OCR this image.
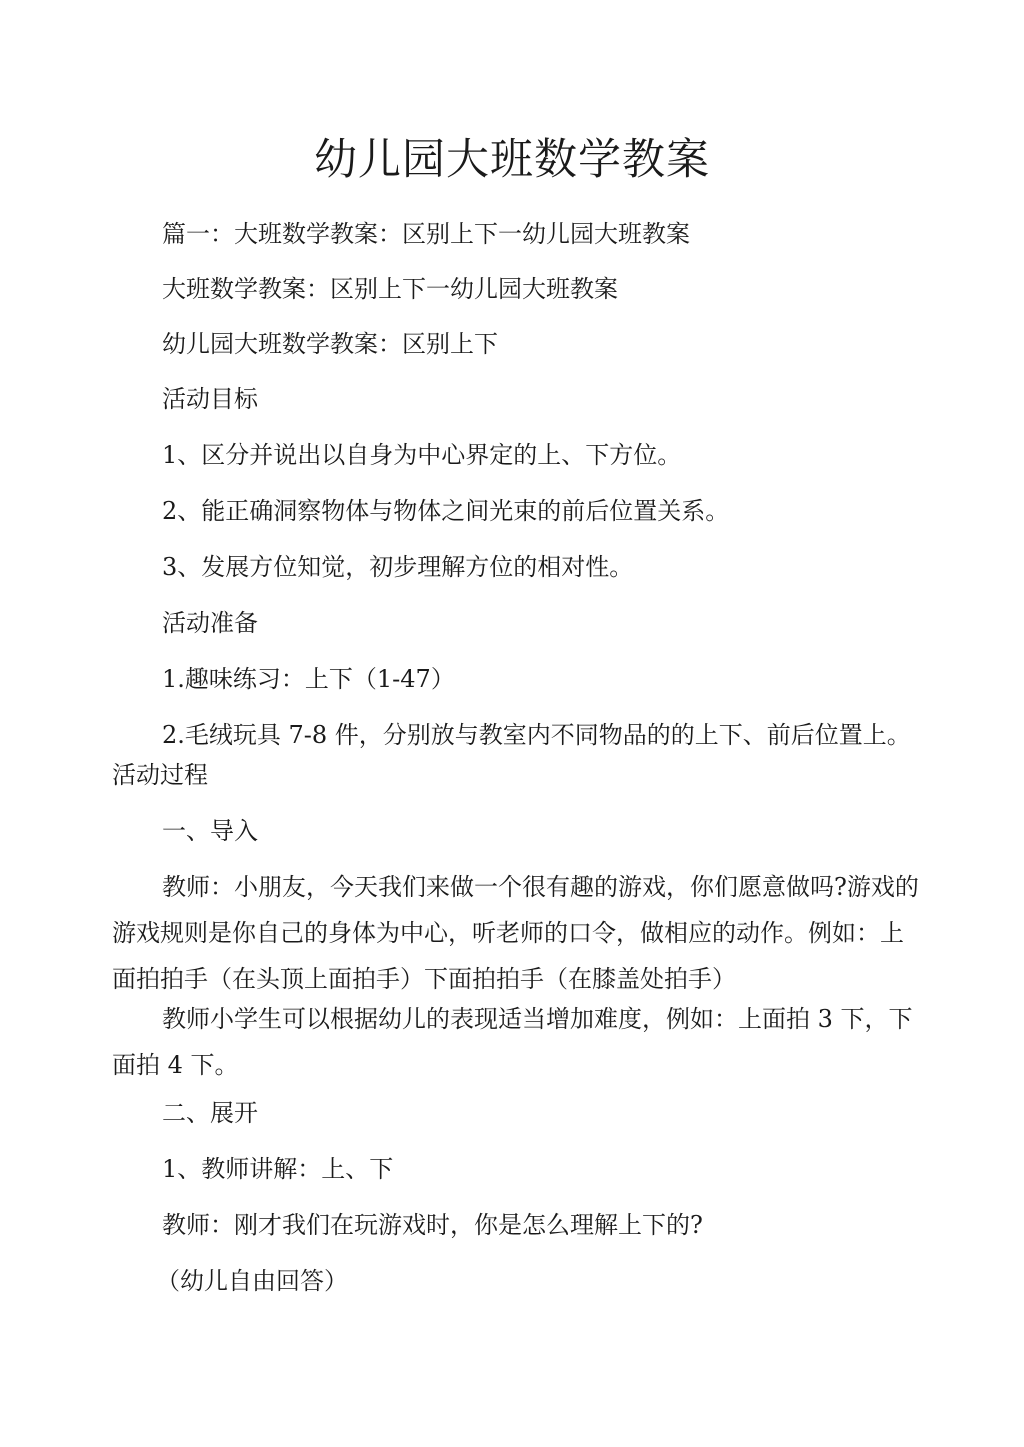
幼儿园大班数学教案

篇一：大班数学教案：区别上下一幼儿园大班教案

大班数学教案：区别上下一幼儿园大班教案

幼儿园大班数学教案：区别上下

活动目标

1、区分并说出以自身为中心界定的上、下方位。

2、能正确洞察物体与物体之间光束的前后位置关系。

3、发展方位知觉，初步理解方位的相对性。

活动准备

1.趣味练习：上下（1-47）

2.毛绒玩具 7-8 件，分别放与教室内不同物品的的上下、前后位置上。

活动过程

一、导入

教师：小朋友，今天我们来做一个很有趣的游戏，你们愿意做吗?游戏的游戏规则是你自己的身体为中心，听老师的口令，做相应的动作。例如：上面拍拍手（在头顶上面拍手）下面拍拍手（在膝盖处拍手）

教师小学生可以根据幼儿的表现适当增加难度，例如：上面拍 3 下，下面拍 4 下。

二、展开

1、教师讲解：上、下

教师：刚才我们在玩游戏时，你是怎么理解上下的?

（幼儿自由回答）
